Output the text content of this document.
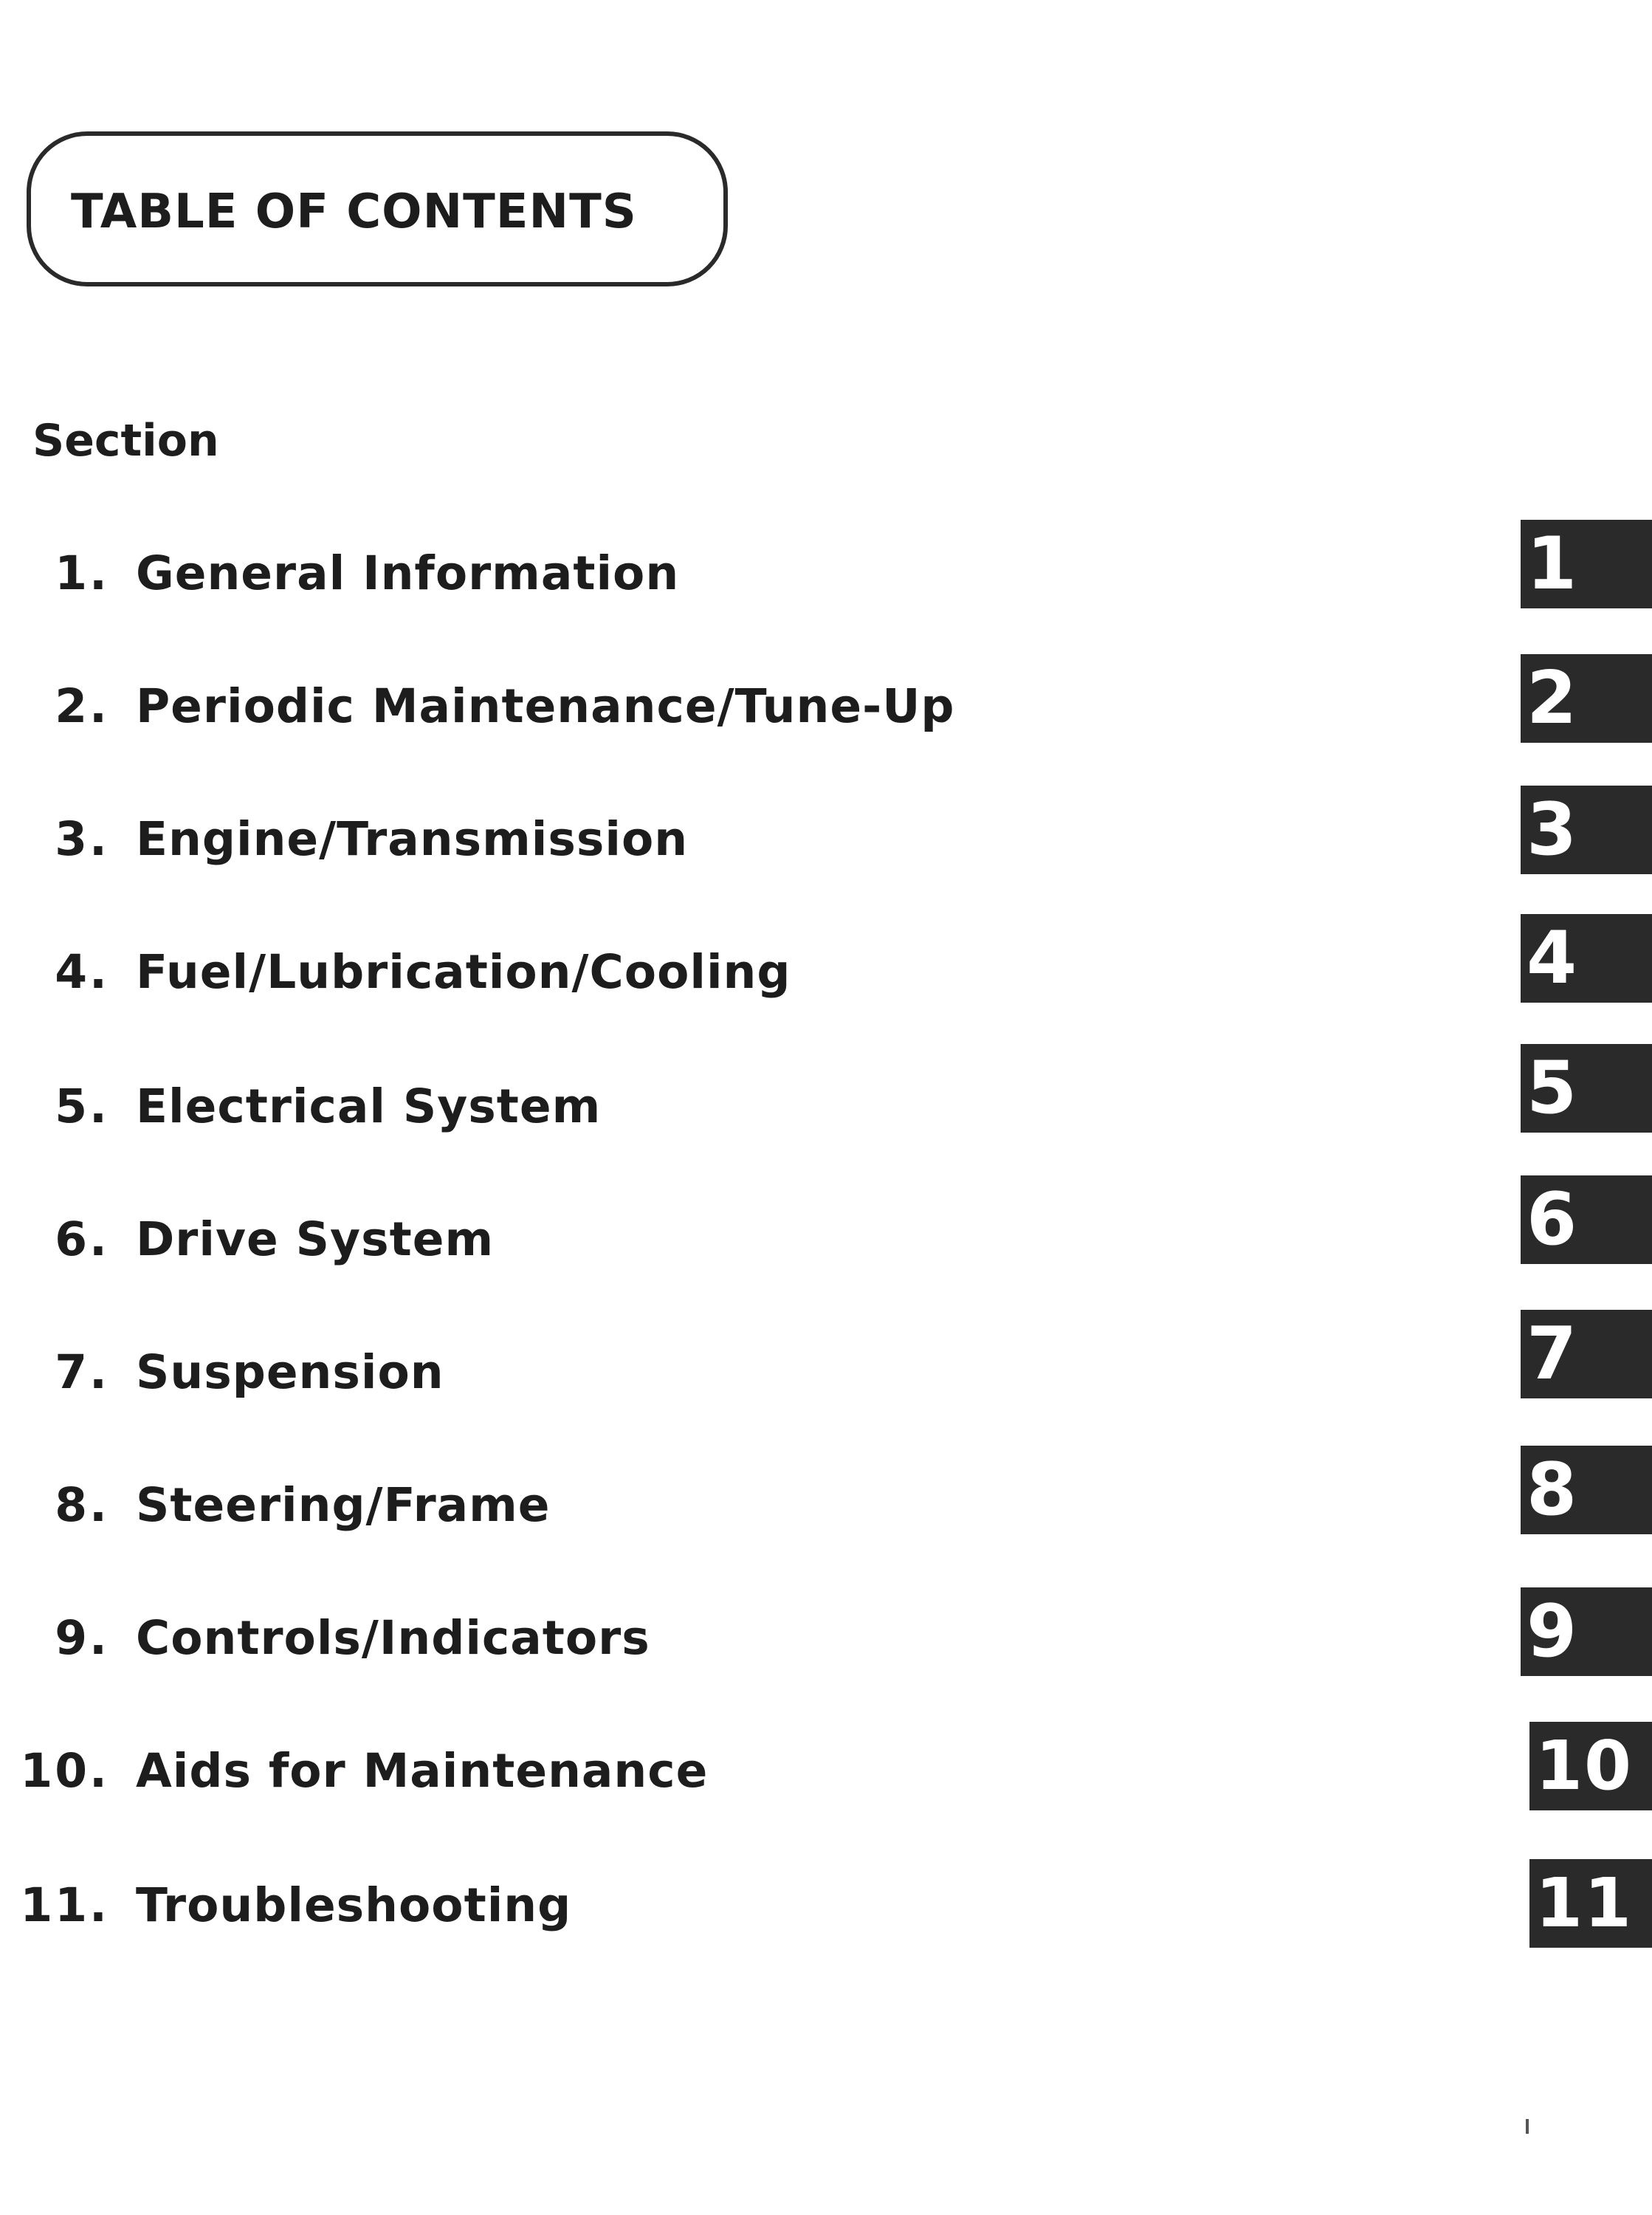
TABLE OF CONTENTS
Section
1. General Information	1
2. Periodic Maintenance/Tune-Up	2
3. Engine/Transmission	3
4. Fuel/Lubrication/Cooling	4
5. Electrical System	5
6. Drive System	6
7. Suspension	7
8. Steering/Frame	8
9. Controls/Indicators	9
10. Aids for Maintenance	10
11. Troubleshooting	11
